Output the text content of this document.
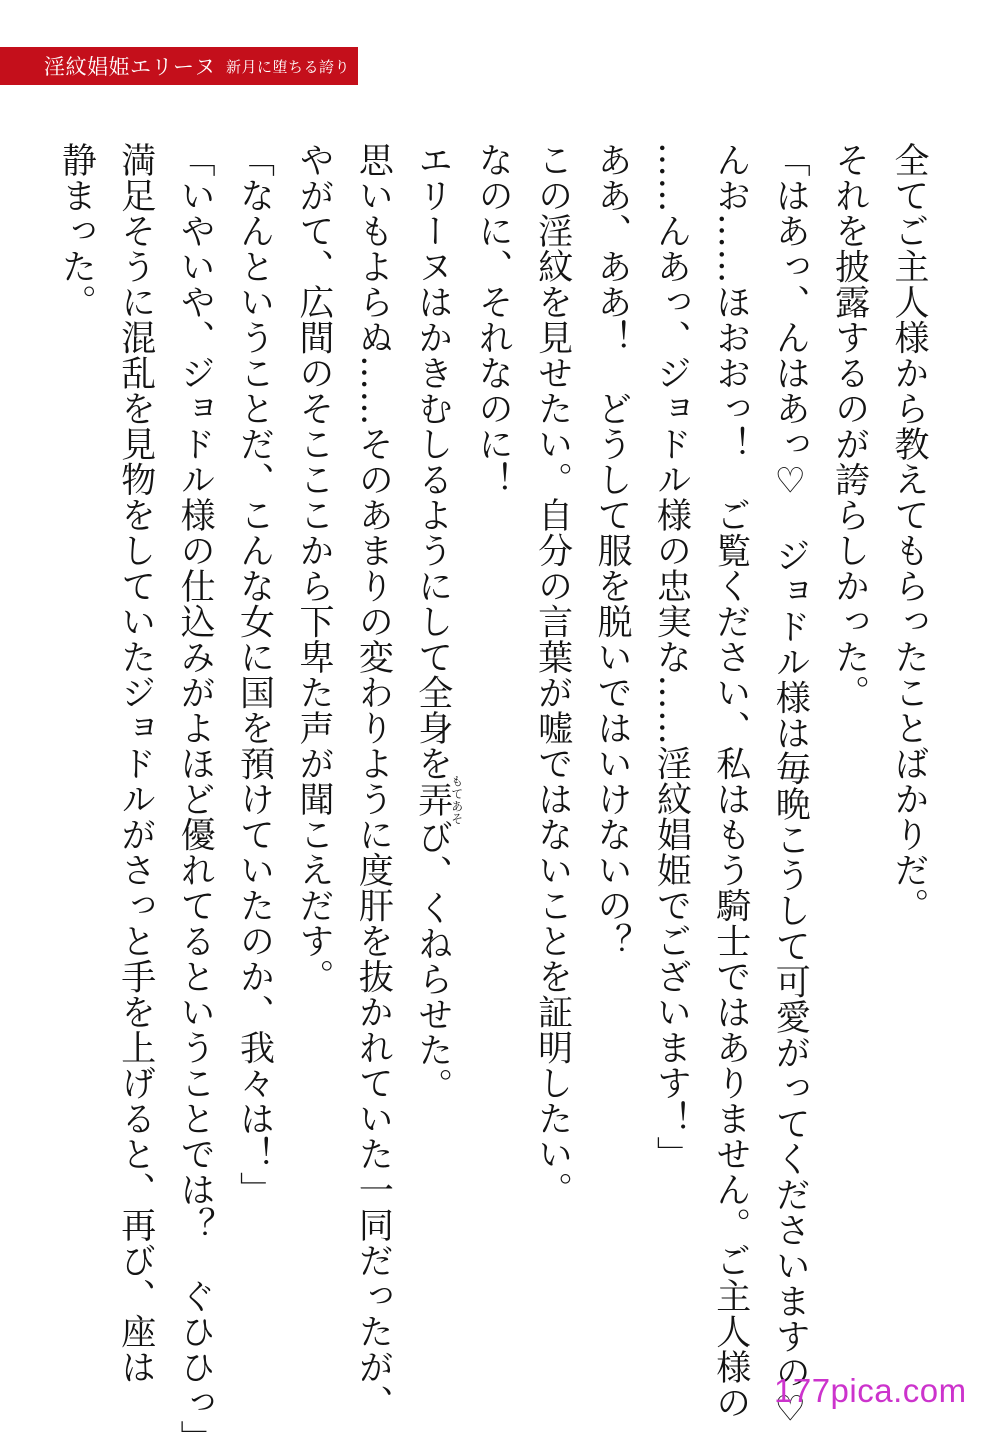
淫紋娼姫エリーヌ 新月に堕ちる誇り
全てご主人様から教えてもらったことばかりだ。
それを披露するのが誇らしかった。
「はあっ、んはあっ♡　ジョドル様は毎晩こうして可愛がってくださいますの♡
んお……ほおおっ！　ご覧ください、私はもう騎士ではありません。ご主人様の
……んあっ、ジョドル様の忠実な……淫紋娼姫でございます！」
ああ、ああ！　どうして服を脱いではいけないの？
この淫紋を見せたい。自分の言葉が嘘ではないことを証明したい。
なのに、それなのに！
エリーヌはかきむしるようにして全身を弄もてあそび、くねらせた。
思いもよらぬ……そのあまりの変わりように度肝を抜かれていた一同だったが、
やがて、広間のそこここから下卑た声が聞こえだす。
「なんということだ、こんな女に国を預けていたのか、我々は！」
「いやいや、ジョドル様の仕込みがよほど優れてるということでは？　ぐひひっ」
満足そうに混乱を見物をしていたジョドルがさっと手を上げると、再び、座は
静まった。
177pica.com
